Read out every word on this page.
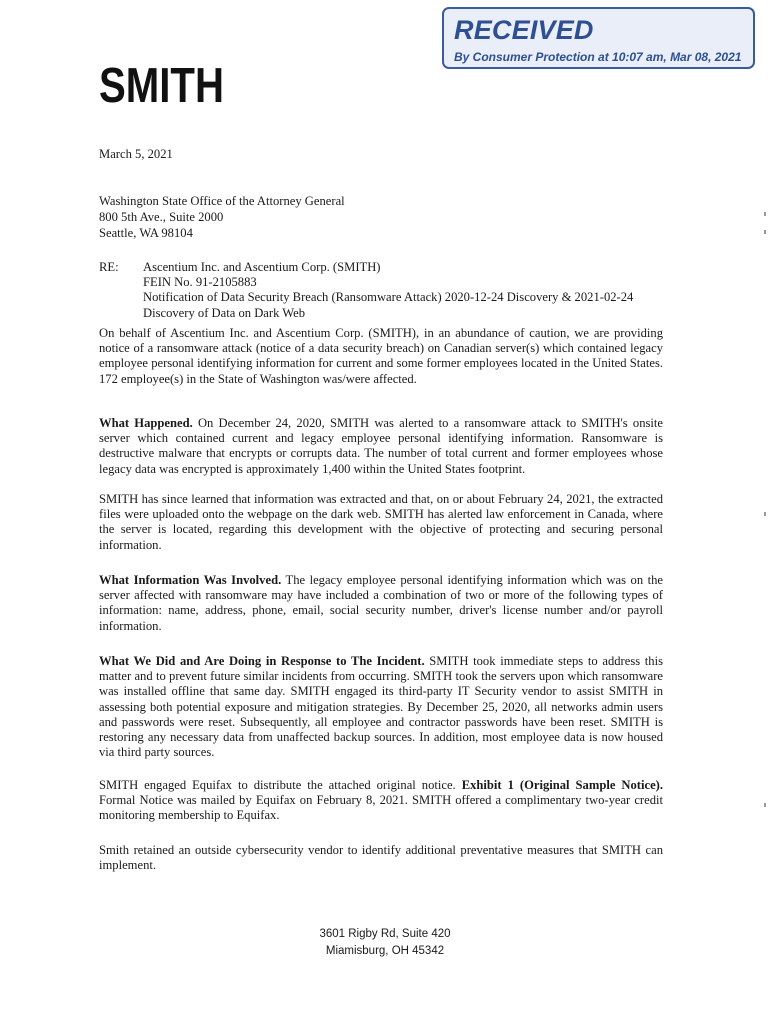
RECEIVED
By Consumer Protection at 10:07 am, Mar 08, 2021
SMITH
March 5, 2021
Washington State Office of the Attorney General
800 5th Ave., Suite 2000
Seattle, WA 98104
RE: Ascentium Inc. and Ascentium Corp. (SMITH)
FEIN No. 91-2105883
Notification of Data Security Breach (Ransomware Attack) 2020-12-24 Discovery & 2021-02-24
Discovery of Data on Dark Web
On behalf of Ascentium Inc. and Ascentium Corp. (SMITH), in an abundance of caution, we are providing notice of a ransomware attack (notice of a data security breach) on Canadian server(s) which contained legacy employee personal identifying information for current and some former employees located in the United States. 172 employee(s) in the State of Washington was/were affected.
What Happened. On December 24, 2020, SMITH was alerted to a ransomware attack to SMITH's onsite server which contained current and legacy employee personal identifying information. Ransomware is destructive malware that encrypts or corrupts data. The number of total current and former employees whose legacy data was encrypted is approximately 1,400 within the United States footprint.
SMITH has since learned that information was extracted and that, on or about February 24, 2021, the extracted files were uploaded onto the webpage on the dark web. SMITH has alerted law enforcement in Canada, where the server is located, regarding this development with the objective of protecting and securing personal information.
What Information Was Involved. The legacy employee personal identifying information which was on the server affected with ransomware may have included a combination of two or more of the following types of information: name, address, phone, email, social security number, driver's license number and/or payroll information.
What We Did and Are Doing in Response to The Incident. SMITH took immediate steps to address this matter and to prevent future similar incidents from occurring. SMITH took the servers upon which ransomware was installed offline that same day. SMITH engaged its third-party IT Security vendor to assist SMITH in assessing both potential exposure and mitigation strategies. By December 25, 2020, all networks admin users and passwords were reset. Subsequently, all employee and contractor passwords have been reset. SMITH is restoring any necessary data from unaffected backup sources. In addition, most employee data is now housed via third party sources.
SMITH engaged Equifax to distribute the attached original notice. Exhibit 1 (Original Sample Notice). Formal Notice was mailed by Equifax on February 8, 2021. SMITH offered a complimentary two-year credit monitoring membership to Equifax.
Smith retained an outside cybersecurity vendor to identify additional preventative measures that SMITH can implement.
3601 Rigby Rd, Suite 420
Miamisburg, OH 45342
